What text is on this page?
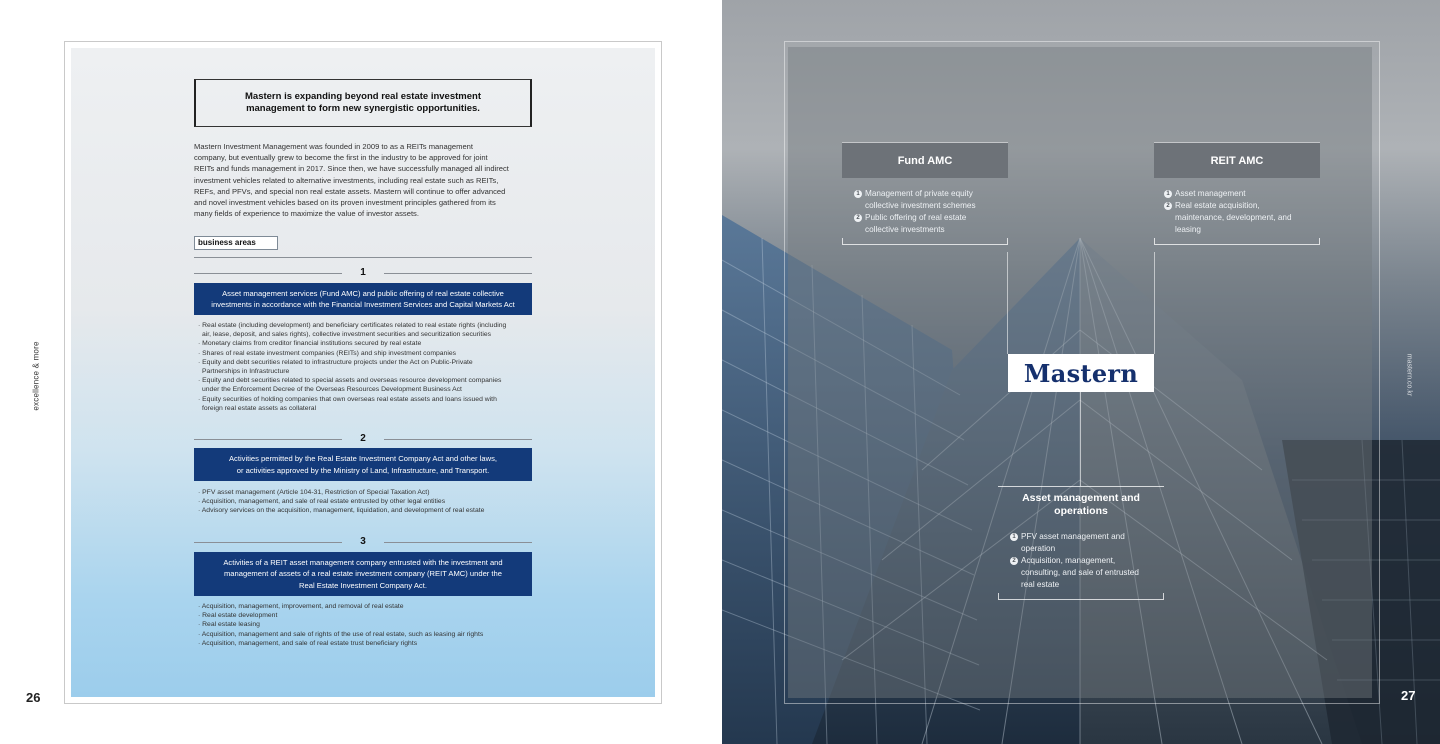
excellence & more
26
Mastern is expanding beyond real estate investment
management to form new synergistic opportunities.
Mastern Investment Management was founded in 2009 to as a REITs management
company, but eventually grew to become the first in the industry to be approved for joint
REITs and funds management in 2017. Since then, we have successfully managed all indirect
investment vehicles related to alternative investments, including real estate such as REITs,
REFs, and PFVs, and special non real estate assets. Mastern will continue to offer advanced
and novel investment vehicles based on its proven investment principles gathered from its
many fields of experience to maximize the value of investor assets.
business areas
1
Asset management services (Fund AMC) and public offering of real estate collective
investments in accordance with the Financial Investment Services and Capital Markets Act
· Real estate (including development) and beneficiary certificates related to real estate rights (including
air, lease, deposit, and sales rights), collective investment securities and securitization securities
· Monetary claims from creditor financial institutions secured by real estate
· Shares of real estate investment companies (REITs) and ship investment companies
· Equity and debt securities related to infrastructure projects under the Act on Public-Private
Partnerships in Infrastructure
· Equity and debt securities related to special assets and overseas resource development companies
under the Enforcement Decree of the Overseas Resources Development Business Act
· Equity securities of holding companies that own overseas real estate assets and loans issued with
foreign real estate assets as collateral
2
Activities permitted by the Real Estate Investment Company Act and other laws,
or activities approved by the Ministry of Land, Infrastructure, and Transport.
· PFV asset management (Article 104-31, Restriction of Special Taxation Act)
· Acquisition, management, and sale of real estate entrusted by other legal entities
· Advisory services on the acquisition, management, liquidation, and development of real estate
3
Activities of a REIT asset management company entrusted with the investment and
management of assets of a real estate investment company (REIT AMC) under the
Real Estate Investment Company Act.
· Acquisition, management, improvement, and removal of real estate
· Real estate development
· Real estate leasing
· Acquisition, management and sale of rights of the use of real estate, such as leasing air rights
· Acquisition, management, and sale of real estate trust beneficiary rights
Fund AMC
1 Management of private equity
collective investment schemes
2 Public offering of real estate
collective investments
REIT AMC
1 Asset management
2 Real estate acquisition,
maintenance, development, and
leasing
Mastern
Asset management and
operations
1 PFV asset management and
operation
2 Acquisition, management,
consulting, and sale of entrusted
real estate
mastern.co.kr
27
